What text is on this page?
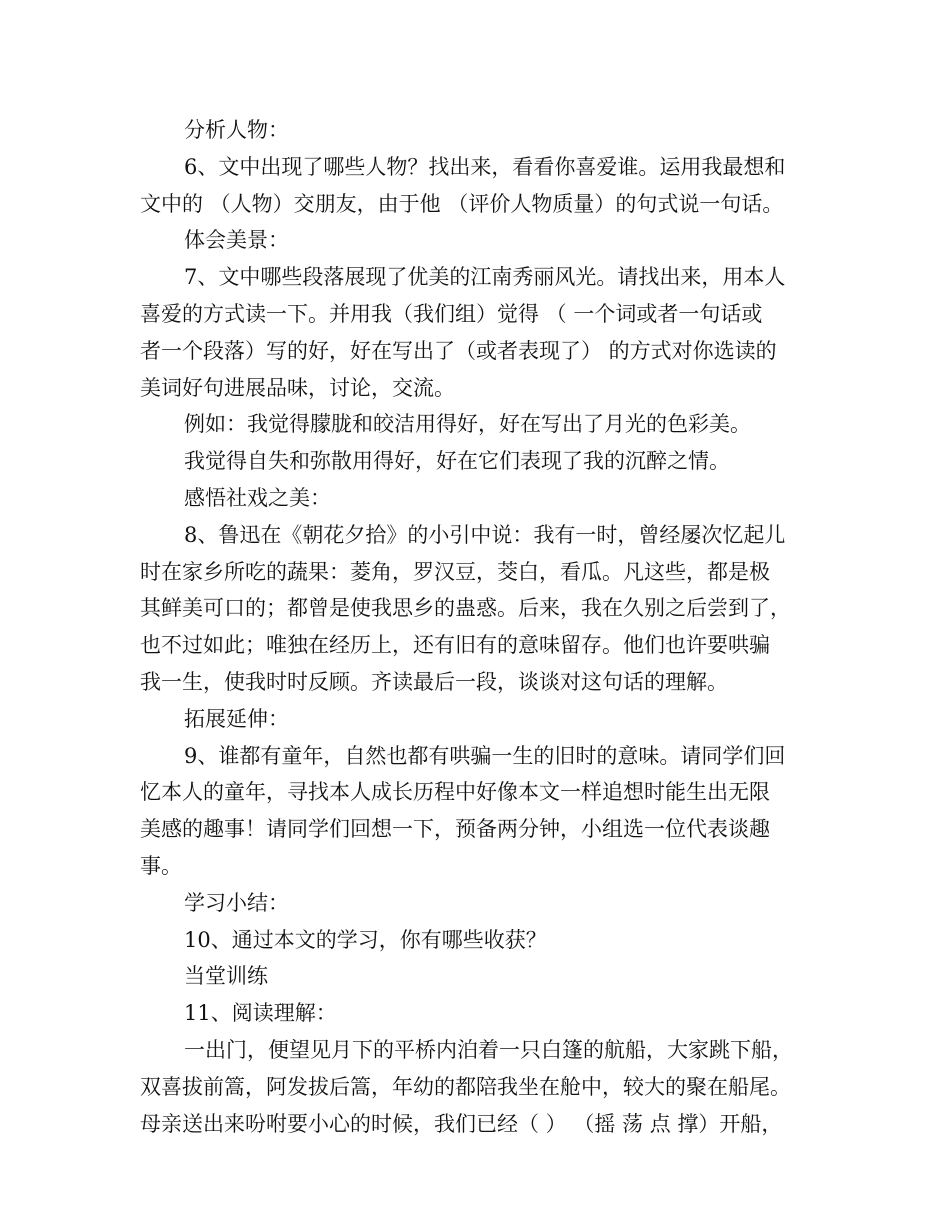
分析人物：
6、文中出现了哪些人物？找出来，看看你喜爱谁。运用我最想和
文中的 （人物）交朋友，由于他 （评价人物质量）的句式说一句话。
体会美景：
7、文中哪些段落展现了优美的江南秀丽风光。请找出来，用本人
喜爱的方式读一下。并用我（我们组）觉得 （ 一个词或者一句话或
者一个段落）写的好，好在写出了（或者表现了） 的方式对你选读的
美词好句进展品味，讨论，交流。
例如：我觉得朦胧和皎洁用得好，好在写出了月光的色彩美。
我觉得自失和弥散用得好，好在它们表现了我的沉醉之情。
感悟社戏之美：
8、鲁迅在《朝花夕拾》的小引中说：我有一时，曾经屡次忆起儿
时在家乡所吃的蔬果：菱角，罗汉豆，茭白，看瓜。凡这些，都是极
其鲜美可口的；都曾是使我思乡的蛊惑。后来，我在久别之后尝到了，
也不过如此；唯独在经历上，还有旧有的意味留存。他们也许要哄骗
我一生，使我时时反顾。齐读最后一段，谈谈对这句话的理解。
拓展延伸：
9、谁都有童年，自然也都有哄骗一生的旧时的意味。请同学们回
忆本人的童年，寻找本人成长历程中好像本文一样追想时能生出无限
美感的趣事！请同学们回想一下，预备两分钟，小组选一位代表谈趣
事。
学习小结：
10、通过本文的学习，你有哪些收获？
当堂训练
11、阅读理解：
一出门，便望见月下的平桥内泊着一只白篷的航船，大家跳下船，
双喜拔前篙，阿发拔后篙，年幼的都陪我坐在舱中，较大的聚在船尾。
母亲送出来吩咐要小心的时候，我们已经（ ） （摇 荡 点 撑）开船，
